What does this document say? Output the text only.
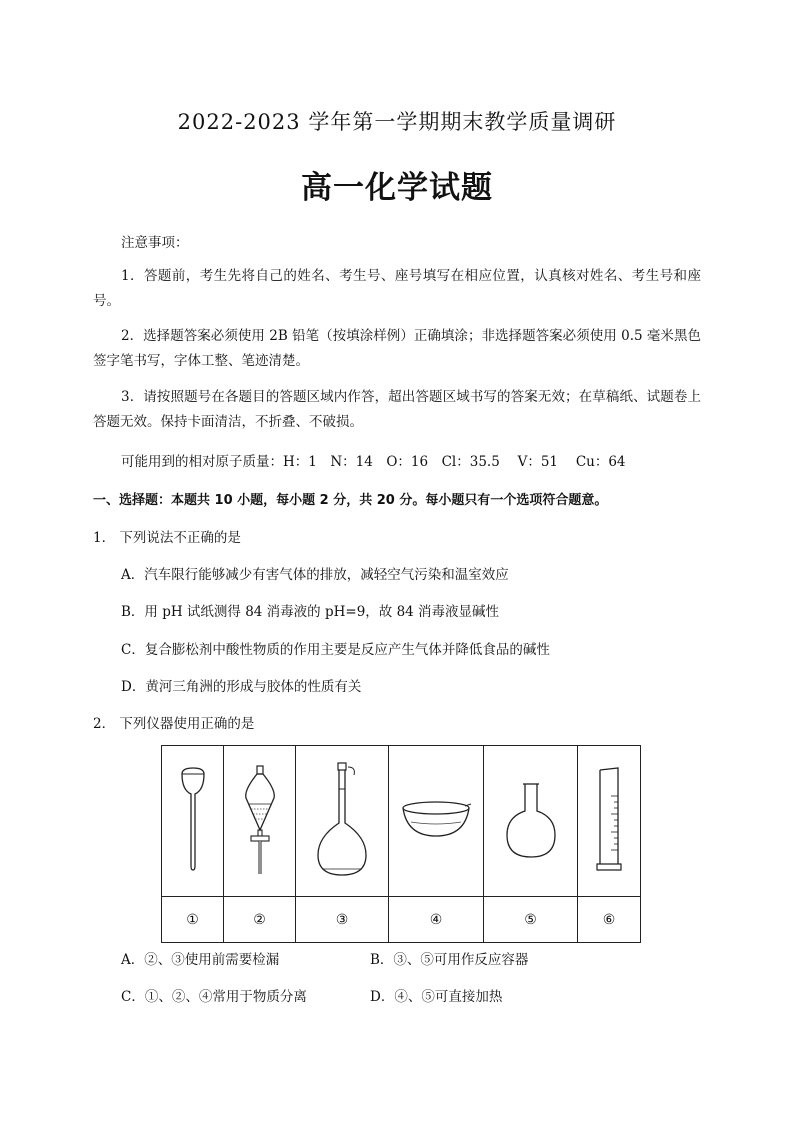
2022-2023 学年第一学期期末教学质量调研
高一化学试题
注意事项：
1．答题前，考生先将自己的姓名、考生号、座号填写在相应位置，认真核对姓名、考生号和座号。
2．选择题答案必须使用 2B 铅笔（按填涂样例）正确填涂；非选择题答案必须使用 0.5 毫米黑色签字笔书写，字体工整、笔迹清楚。
3．请按照题号在各题目的答题区域内作答，超出答题区域书写的答案无效；在草稿纸、试题卷上答题无效。保持卡面清洁，不折叠、不破损。
可能用到的相对原子质量：H：1　N：14　O：16　Cl：35.5　 V：51　 Cu：64
一、选择题：本题共 10 小题，每小题 2 分，共 20 分。每小题只有一个选项符合题意。
1． 下列说法不正确的是
A．汽车限行能够减少有害气体的排放，减轻空气污染和温室效应
B．用 pH 试纸测得 84 消毒液的 pH=9，故 84 消毒液显碱性
C．复合膨松剂中酸性物质的作用主要是反应产生气体并降低食品的碱性
D．黄河三角洲的形成与胶体的性质有关
2． 下列仪器使用正确的是

①	②	③	④	⑤	⑥
A．②、③使用前需要检漏	B．③、⑤可用作反应容器
C．①、②、④常用于物质分离	D．④、⑤可直接加热
